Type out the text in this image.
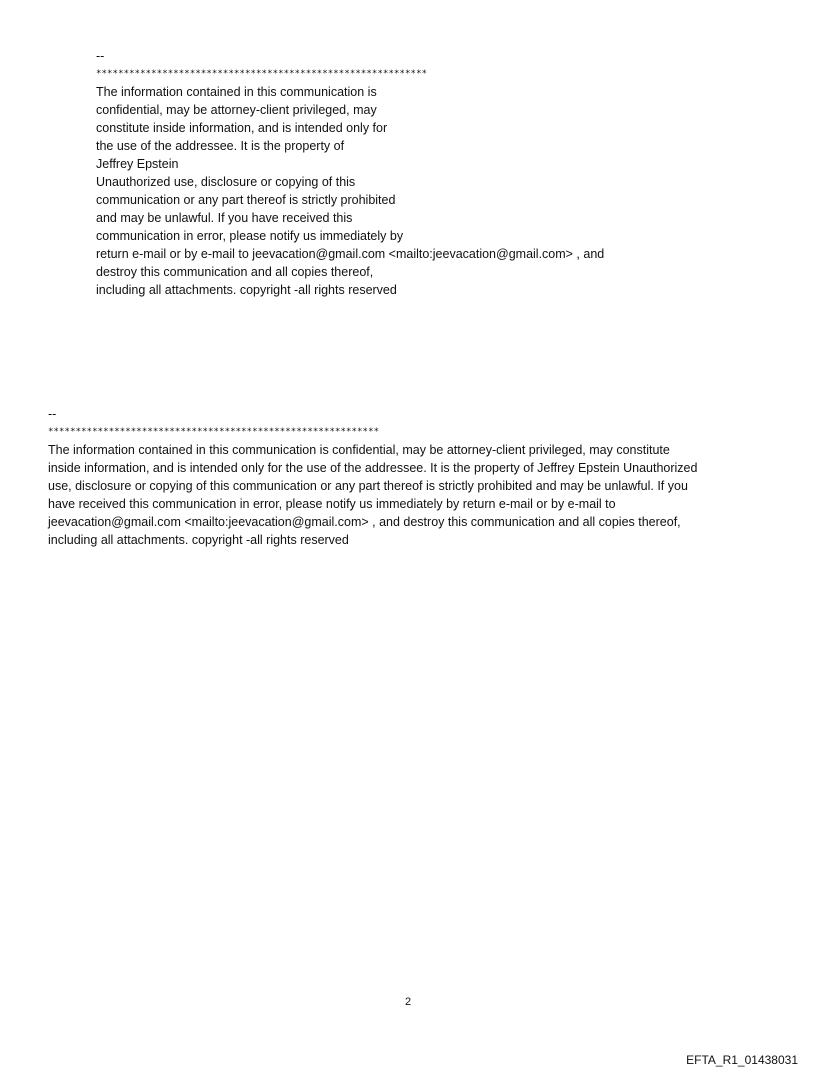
--
************************************************************
The information contained in this communication is
confidential, may be attorney-client privileged, may
constitute inside information, and is intended only for
the use of the addressee. It is the property of
Jeffrey Epstein
Unauthorized use, disclosure or copying of this
communication or any part thereof is strictly prohibited
and may be unlawful. If you have received this
communication in error, please notify us immediately by
return e-mail or by e-mail to jeevacation@gmail.com <mailto:jeevacation@gmail.com> , and
destroy this communication and all copies thereof,
including all attachments. copyright -all rights reserved
--
************************************************************
The information contained in this communication is confidential, may be attorney-client privileged, may constitute
inside information, and is intended only for the use of the addressee. It is the property of Jeffrey Epstein Unauthorized
use, disclosure or copying of this communication or any part thereof is strictly prohibited and may be unlawful. If you
have received this communication in error, please notify us immediately by return e-mail or by e-mail to
jeevacation@gmail.com <mailto:jeevacation@gmail.com> , and destroy this communication and all copies thereof,
including all attachments. copyright -all rights reserved
2
EFTA_R1_01438031
